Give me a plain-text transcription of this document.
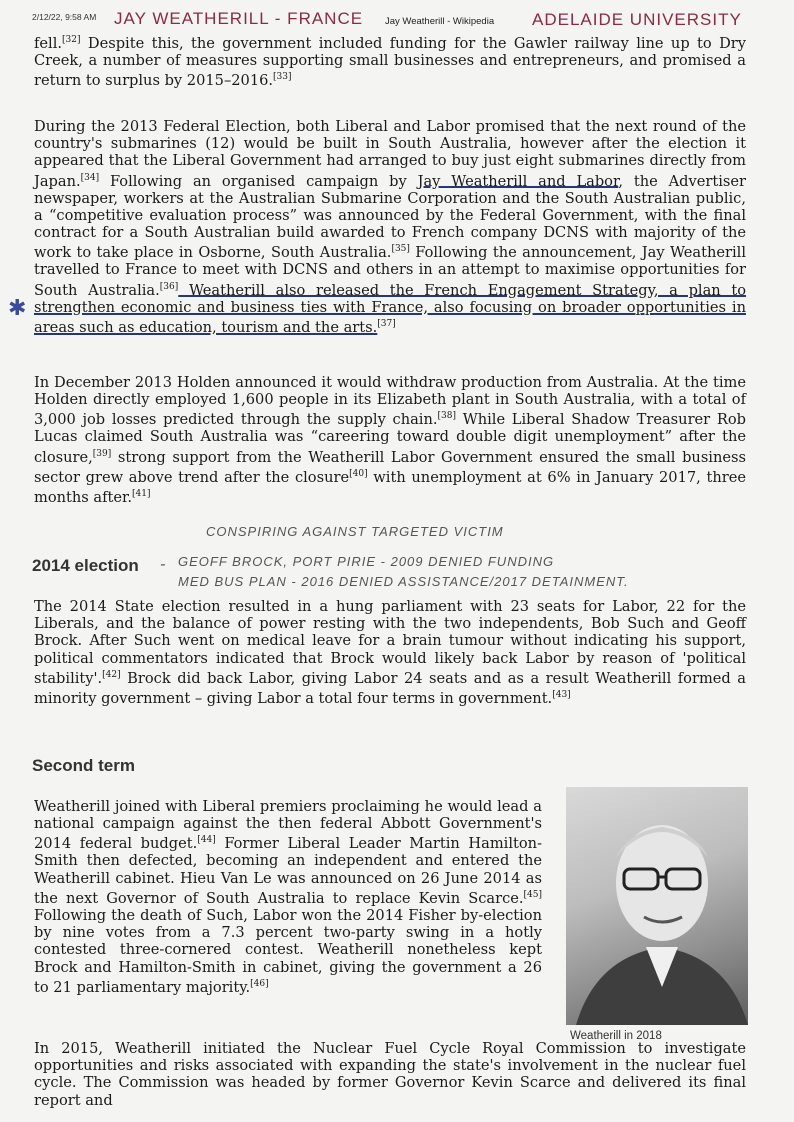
2/12/22, 9:58 AM JAY WEATHERILL - FRANCE Jay Weatherill - Wikipedia ADELAIDE UNIVERSITY

fell.[32] Despite this, the government included funding for the Gawler railway line up to Dry Creek, a number of measures supporting small businesses and entrepreneurs, and promised a return to surplus by 2015–2016.[33]

During the 2013 Federal Election, both Liberal and Labor promised that the next round of the country's submarines (12) would be built in South Australia, however after the election it appeared that the Liberal Government had arranged to buy just eight submarines directly from Japan.[34] Following an organised campaign by Jay Weatherill and Labor, the Advertiser newspaper, workers at the Australian Submarine Corporation and the South Australian public, a “competitive evaluation process” was announced by the Federal Government, with the final contract for a South Australian build awarded to French company DCNS with majority of the work to take place in Osborne, South Australia.[35] Following the announcement, Jay Weatherill travelled to France to meet with DCNS and others in an attempt to maximise opportunities for South Australia.[36] Weatherill also released the French Engagement Strategy, a plan to strengthen economic and business ties with France, also focusing on broader opportunities in areas such as education, tourism and the arts.[37]

✱

In December 2013 Holden announced it would withdraw production from Australia. At the time Holden directly employed 1,600 people in its Elizabeth plant in South Australia, with a total of 3,000 job losses predicted through the supply chain.[38] While Liberal Shadow Treasurer Rob Lucas claimed South Australia was “careering toward double digit unemployment” after the closure,[39] strong support from the Weatherill Labor Government ensured the small business sector grew above trend after the closure[40] with unemployment at 6% in January 2017, three months after.[41]

2014 election -
CONSPIRING AGAINST TARGETED VICTIM
GEOFF BROCK, PORT PIRIE - 2009 DENIED FUNDING
MED BUS PLAN - 2016 DENIED ASSISTANCE/2017 DETAINMENT.

The 2014 State election resulted in a hung parliament with 23 seats for Labor, 22 for the Liberals, and the balance of power resting with the two independents, Bob Such and Geoff Brock. After Such went on medical leave for a brain tumour without indicating his support, political commentators indicated that Brock would likely back Labor by reason of 'political stability'.[42] Brock did back Labor, giving Labor 24 seats and as a result Weatherill formed a minority government – giving Labor a total four terms in government.[43]

Second term

Weatherill joined with Liberal premiers proclaiming he would lead a national campaign against the then federal Abbott Government's 2014 federal budget.[44] Former Liberal Leader Martin Hamilton-Smith then defected, becoming an independent and entered the Weatherill cabinet. Hieu Van Le was announced on 26 June 2014 as the next Governor of South Australia to replace Kevin Scarce.[45] Following the death of Such, Labor won the 2014 Fisher by-election by nine votes from a 7.3 percent two-party swing in a hotly contested three-cornered contest. Weatherill nonetheless kept Brock and Hamilton-Smith in cabinet, giving the government a 26 to 21 parliamentary majority.[46]

Weatherill in 2018

In 2015, Weatherill initiated the Nuclear Fuel Cycle Royal Commission to investigate opportunities and risks associated with expanding the state's involvement in the nuclear fuel cycle. The Commission was headed by former Governor Kevin Scarce and delivered its final report and
